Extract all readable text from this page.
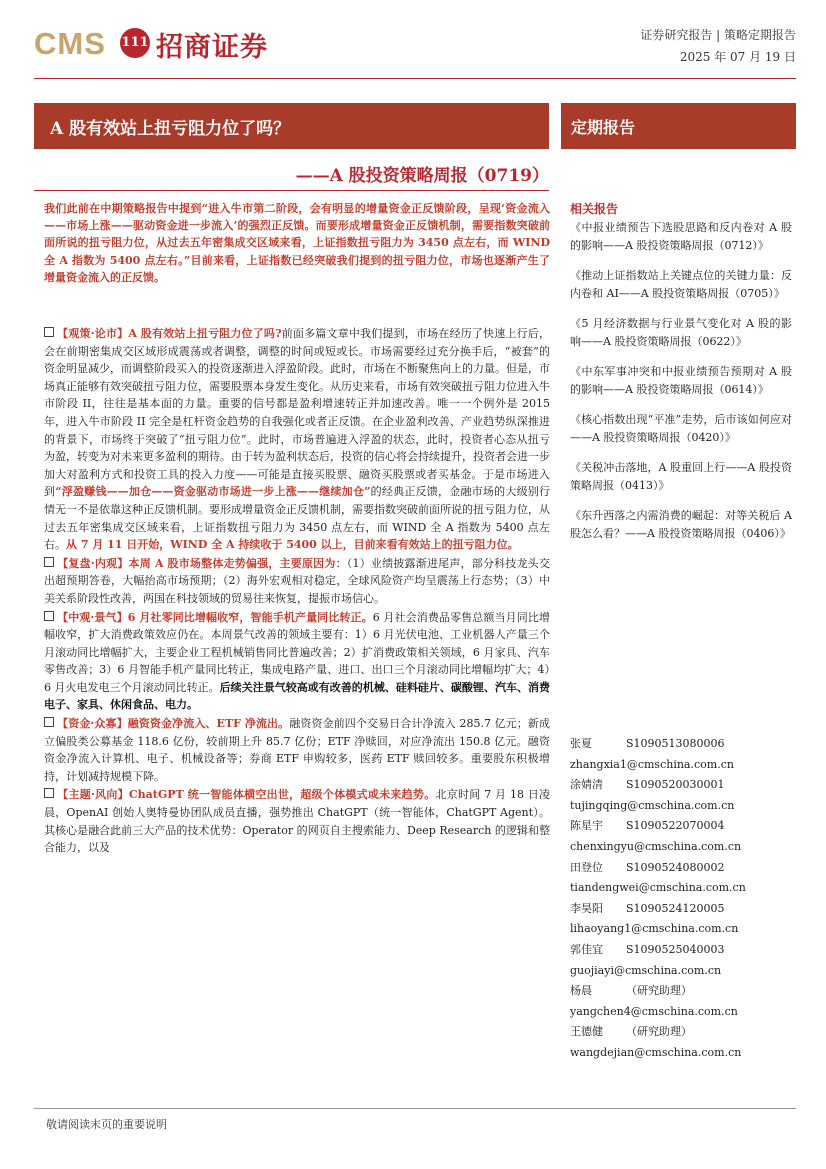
CMS 111 招商证券	证券研究报告 | 策略定期报告
2025 年 07 月 19 日
A 股有效站上扭亏阻力位了吗？	定期报告
——A 股投资策略周报（0719）
我们此前在中期策略报告中提到“进入牛市第二阶段，会有明显的增量资金正反馈阶段，呈现‘资金流入——市场上涨——驱动资金进一步流入’的强烈正反馈。而要形成增量资金正反馈机制，需要指数突破前面所说的扭亏阻力位，从过去五年密集成交区域来看，上证指数扭亏阻力为 3450 点左右，而 WIND 全 A 指数为 5400 点左右。”目前来看，上证指数已经突破我们提到的扭亏阻力位，市场也逐渐产生了增量资金流入的正反馈。

【观策·论市】A 股有效站上扭亏阻力位了吗?前面多篇文章中我们提到，市场在经历了快速上行后，会在前期密集成交区域形成震荡或者调整，调整的时间或短或长。市场需要经过充分换手后，“被套”的资金明显减少，而调整阶段买入的投资逐渐进入浮盈阶段。此时，市场在不断聚焦向上的力量。但是，市场真正能够有效突破扭亏阻力位，需要股票本身发生变化。从历史来看，市场有效突破扭亏阻力位进入牛市阶段 II，往往是基本面的力量。重要的信号都是盈利增速转正并加速改善。唯一一个例外是 2015 年，进入牛市阶段 II 完全是杠杆资金趋势的自我强化或者正反馈。在企业盈利改善、产业趋势纵深推进的背景下，市场终于突破了“扭亏阻力位”。此时，市场普遍进入浮盈的状态，此时，投资者心态从扭亏为盈，转变为对未来更多盈利的期待。由于转为盈利状态后，投资的信心将会持续提升，投资者会进一步加大对盈利方式和投资工具的投入力度——可能是直接买股票、融资买股票或者买基金。于是市场进入到“浮盈赚钱——加仓——资金驱动市场进一步上涨——继续加仓”的经典正反馈，金融市场的大级别行情无一不是依靠这种正反馈机制。要形成增量资金正反馈机制，需要指数突破前面所说的扭亏阻力位，从过去五年密集成交区域来看，上证指数扭亏阻力为 3450 点左右，而 WIND 全 A 指数为 5400 点左右。从 7 月 11 日开始，WIND 全 A 持续收于 5400 以上，目前来看有效站上的扭亏阻力位。

【复盘·内观】本周 A 股市场整体走势偏强，主要原因为：（1）业绩披露渐进尾声，部分科技龙头交出超预期答卷，大幅抬高市场预期；（2）海外宏观相对稳定，全球风险资产均呈震荡上行态势；（3）中美关系阶段性改善，两国在科技领域的贸易往来恢复，提振市场信心。

【中观·景气】6 月社零同比增幅收窄，智能手机产量同比转正。6 月社会消费品零售总额当月同比增幅收窄，扩大消费政策效应仍在。本周景气改善的领域主要有：1）6 月光伏电池、工业机器人产量三个月滚动同比增幅扩大，主要企业工程机械销售同比普遍改善；2）扩消费政策相关领域，6 月家具、汽车零售改善；3）6 月智能手机产量同比转正，集成电路产量、进口、出口三个月滚动同比增幅均扩大；4）6 月火电发电三个月滚动同比转正。后续关注景气较高或有改善的机械、硅料硅片、碳酸锂、汽车、消费电子、家具、休闲食品、电力。

【资金·众寡】融资资金净流入、ETF 净流出。融资资金前四个交易日合计净流入 285.7 亿元；新成立偏股类公募基金 118.6 亿份，较前期上升 85.7 亿份；ETF 净赎回，对应净流出 150.8 亿元。融资资金净流入计算机、电子、机械设备等；券商 ETF 申购较多，医药 ETF 赎回较多。重要股东积极增持，计划减持规模下降。

【主题·风向】ChatGPT 统一智能体横空出世，超级个体模式或未来趋势。北京时间 7 月 18 日凌晨，OpenAI 创始人奥特曼协团队成员直播，强势推出 ChatGPT（统一智能体，ChatGPT Agent）。其核心是融合此前三大产品的技术优势：Operator 的网页自主搜索能力、Deep Research 的逻辑和整合能力，以及

相关报告
《中报业绩预告下选股思路和反内卷对 A 股的影响——A 股投资策略周报（0712）》
《推动上证指数站上关键点位的关键力量：反内卷和 AI——A 股投资策略周报（0705）》
《5 月经济数据与行业景气变化对 A 股的影响——A 股投资策略周报（0622）》
《中东军事冲突和中报业绩预告预期对 A 股的影响——A 股投资策略周报（0614）》
《核心指数出现“平准”走势，后市该如何应对——A 股投资策略周报（0420）》
《关税冲击落地，A 股重回上行——A 股投资策略周报（0413）》
《东升西落之内需消费的崛起：对等关税后 A 股怎么看？——A 股投资策略周报（0406）》
张夏	S1090513080006
zhangxia1@cmschina.com.cn
涂婧清 S1090520030001
tujingqing@cmschina.com.cn
陈星宇 S1090522070004
chenxingyu@cmschina.com.cn
田登位 S1090524080002
tiandengwei@cmschina.com.cn
李昊阳 S1090524120005
lihaoyang1@cmschina.com.cn
郭佳宜 S1090525040003
guojiayi@cmschina.com.cn
杨晨	（研究助理）
yangchen4@cmschina.com.cn
王德健 （研究助理）
wangdejian@cmschina.com.cn
敬请阅读末页的重要说明
